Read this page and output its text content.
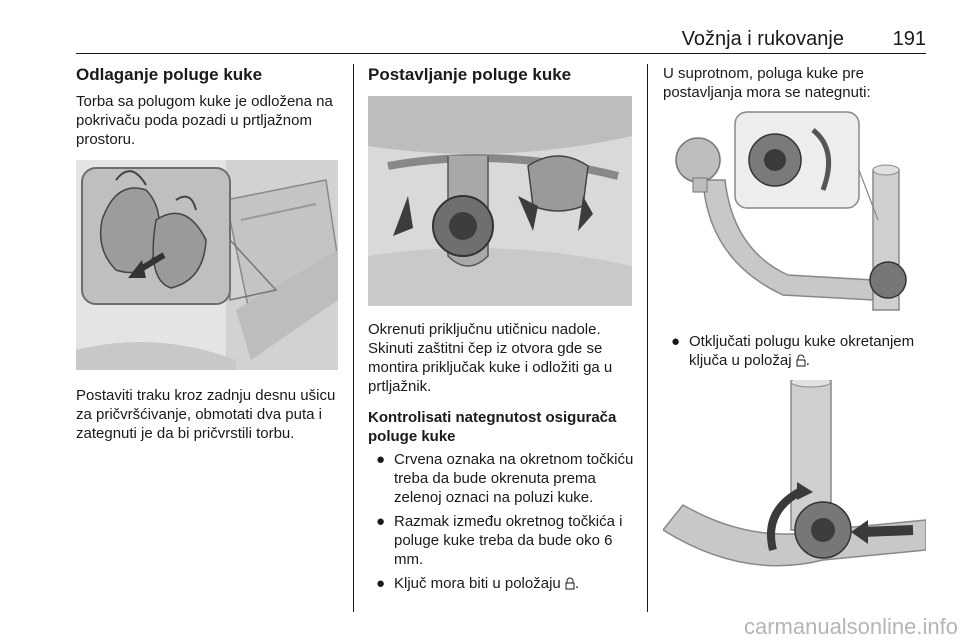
Vožnja i rukovanje 191
Odlaganje poluge kuke

Torba sa polugom kuke je odložena na pokrivaču poda pozadi u prtljažnom prostoru.

Postaviti traku kroz zadnju desnu ušicu za pričvršćivanje, obmotati dva puta i zategnuti je da bi pričvrstili torbu.

Postavljanje poluge kuke

Okrenuti priključnu utičnicu nadole. Skinuti zaštitni čep iz otvora gde se montira priključak kuke i odložiti ga u prtljažnik.

Kontrolisati nategnutost osigurača poluge kuke
● Crvena oznaka na okretnom točkiću treba da bude okrenuta prema zelenoj oznaci na poluzi kuke.
● Razmak između okretnog točkića i poluge kuke treba da bude oko 6 mm.
● Ključ mora biti u položaju .

U suprotnom, poluga kuke pre postavljanja mora se nategnuti:

● Otključati polugu kuke okretanjem ključa u položaj .
carmanualsonline.info
